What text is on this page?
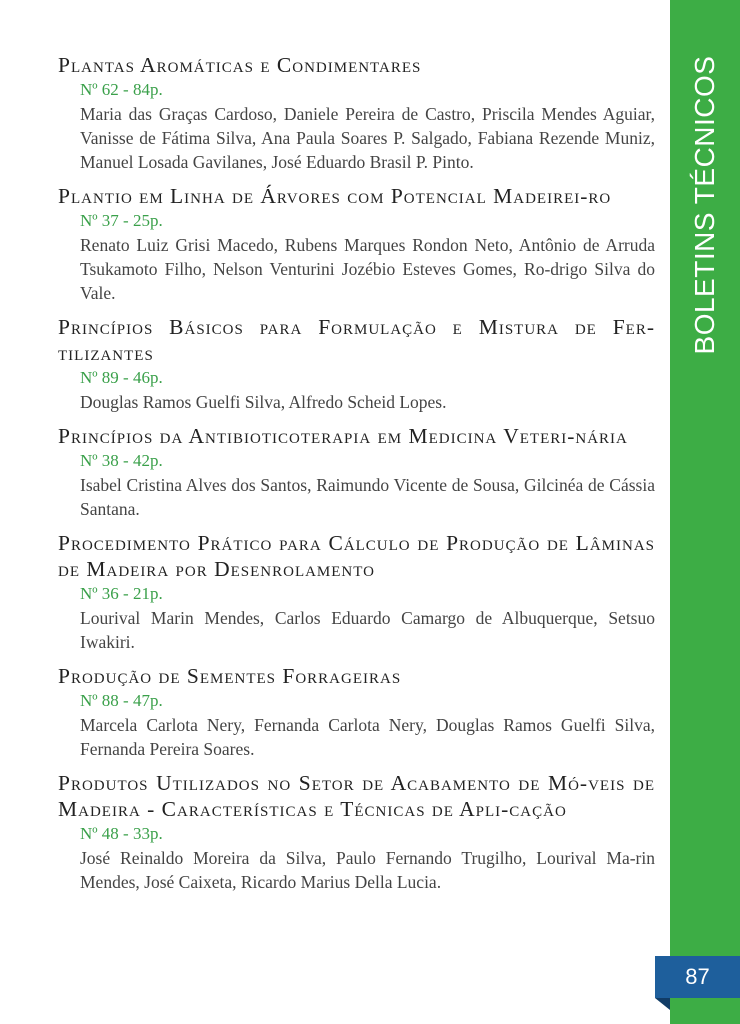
Plantas Aromáticas e Condimentares
Nº 62 - 84p.
Maria das Graças Cardoso, Daniele Pereira de Castro, Priscila Mendes Aguiar, Vanisse de Fátima Silva, Ana Paula Soares P. Salgado, Fabiana Rezende Muniz, Manuel Losada Gavilanes, José Eduardo Brasil P. Pinto.
Plantio em Linha de Árvores com Potencial Madeirei-ro
Nº 37 - 25p.
Renato Luiz Grisi Macedo, Rubens Marques Rondon Neto, Antônio de Arruda Tsukamoto Filho, Nelson Venturini Jozébio Esteves Gomes, Ro-drigo Silva do Vale.
Princípios Básicos para Formulação e Mistura de Fer-tilizantes
Nº 89 - 46p.
Douglas Ramos Guelfi Silva, Alfredo Scheid Lopes.
Princípios da Antibioticoterapia em Medicina Veteri-nária
Nº 38 - 42p.
Isabel Cristina Alves dos Santos, Raimundo Vicente de Sousa, Gilcinéa de Cássia Santana.
Procedimento Prático para Cálculo de Produção de Lâminas de Madeira por Desenrolamento
Nº 36 - 21p.
Lourival Marin Mendes, Carlos Eduardo Camargo de Albuquerque, Setsuo Iwakiri.
Produção de Sementes Forrageiras
Nº 88 - 47p.
Marcela Carlota Nery, Fernanda Carlota Nery, Douglas Ramos Guelfi Silva, Fernanda Pereira Soares.
Produtos Utilizados no Setor de Acabamento de Mó-veis de Madeira - Características e Técnicas de Apli-cação
Nº 48 - 33p.
José Reinaldo Moreira da Silva, Paulo Fernando Trugilho, Lourival Ma-rin Mendes, José Caixeta, Ricardo Marius Della Lucia.
BOLETINS TÉCNICOS
87
